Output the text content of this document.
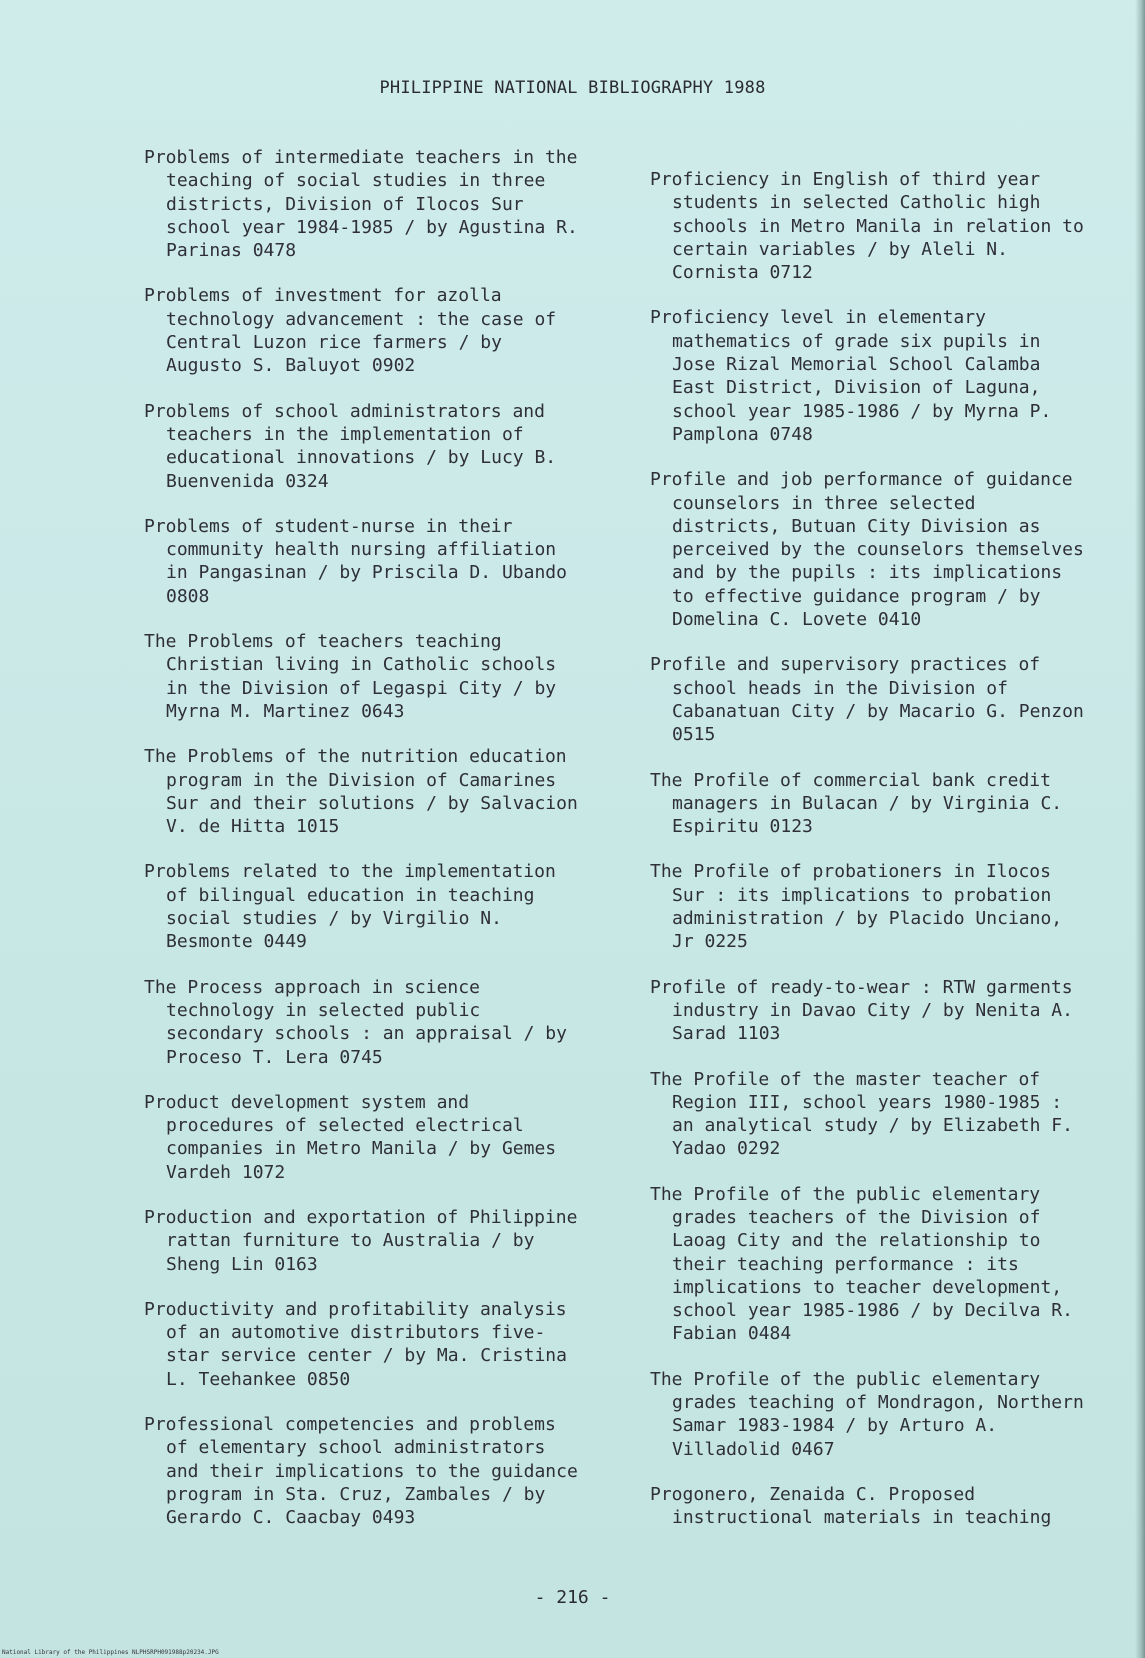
PHILIPPINE NATIONAL BIBLIOGRAPHY 1988

Problems of intermediate teachers in the
teaching of social studies in three
districts, Division of Ilocos Sur
school year 1984-1985 / by Agustina R.
Parinas 0478

Problems of investment for azolla
technology advancement : the case of
Central Luzon rice farmers / by
Augusto S. Baluyot 0902

Problems of school administrators and
teachers in the implementation of
educational innovations / by Lucy B.
Buenvenida 0324

Problems of student-nurse in their
community health nursing affiliation
in Pangasinan / by Priscila D. Ubando
0808

The Problems of teachers teaching
Christian living in Catholic schools
in the Division of Legaspi City / by
Myrna M. Martinez 0643

The Problems of the nutrition education
program in the Division of Camarines
Sur and their solutions / by Salvacion
V. de Hitta 1015

Problems related to the implementation
of bilingual education in teaching
social studies / by Virgilio N.
Besmonte 0449

The Process approach in science
technology in selected public
secondary schools : an appraisal / by
Proceso T. Lera 0745

Product development system and
procedures of selected electrical
companies in Metro Manila / by Gemes
Vardeh 1072

Production and exportation of Philippine
rattan furniture to Australia / by
Sheng Lin 0163

Productivity and profitability analysis
of an automotive distributors five-
star service center / by Ma. Cristina
L. Teehankee 0850

Professional competencies and problems
of elementary school administrators
and their implications to the guidance
program in Sta. Cruz, Zambales / by
Gerardo C. Caacbay 0493

Proficiency in English of third year
students in selected Catholic high
schools in Metro Manila in relation to
certain variables / by Aleli N.
Cornista 0712

Proficiency level in elementary
mathematics of grade six pupils in
Jose Rizal Memorial School Calamba
East District, Division of Laguna,
school year 1985-1986 / by Myrna P.
Pamplona 0748

Profile and job performance of guidance
counselors in three selected
districts, Butuan City Division as
perceived by the counselors themselves
and by the pupils : its implications
to effective guidance program / by
Domelina C. Lovete 0410

Profile and supervisory practices of
school heads in the Division of
Cabanatuan City / by Macario G. Penzon
0515

The Profile of commercial bank credit
managers in Bulacan / by Virginia C.
Espiritu 0123

The Profile of probationers in Ilocos
Sur : its implications to probation
administration / by Placido Unciano,
Jr 0225

Profile of ready-to-wear : RTW garments
industry in Davao City / by Nenita A.
Sarad 1103

The Profile of the master teacher of
Region III, school years 1980-1985 :
an analytical study / by Elizabeth F.
Yadao 0292

The Profile of the public elementary
grades teachers of the Division of
Laoag City and the relationship to
their teaching performance : its
implications to teacher development,
school year 1985-1986 / by Decilva R.
Fabian 0484

The Profile of the public elementary
grades teaching of Mondragon, Northern
Samar 1983-1984 / by Arturo A.
Villadolid 0467

Progonero, Zenaida C. Proposed
instructional materials in teaching

- 216 -
National Library of the Philippines NLPHSRPH091988p20234.JPG
